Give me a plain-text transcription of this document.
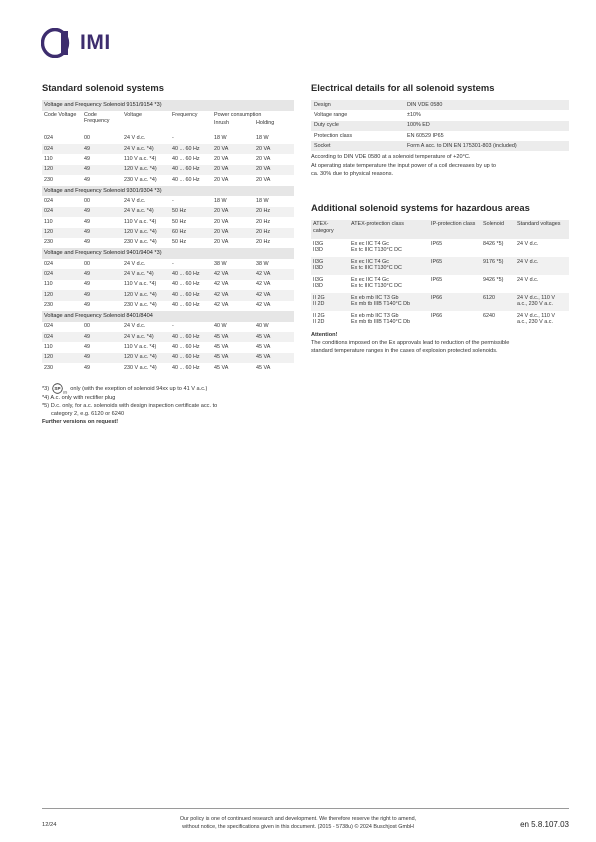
IMI
Standard solenoid systems
Voltage and Frequency Solenoid 9151/9154 *3)					
Code Voltage	Code Frequency	Voltage	Frequency	Power consumption	
				Inrush	Holding

024	00	24 V d.c.	-	18 W	18 W
024	49	24 V a.c. *4)	40 ... 60 Hz	20 VA	20 VA
110	49	110 V a.c. *4)	40 ... 60 Hz	20 VA	20 VA
120	49	120 V a.c. *4)	40 ... 60 Hz	20 VA	20 VA
230	49	230 V a.c. *4)	40 ... 60 Hz	20 VA	20 VA
Voltage and Frequency Solenoid 9301/9304 *3)					
024	00	24 V d.c.	-	18 W	18 W
024	49	24 V a.c. *4)	50 Hz	20 VA	20 Hz
110	49	110 V a.c. *4)	50 Hz	20 VA	20 Hz
120	49	120 V a.c. *4)	60 Hz	20 VA	20 Hz
230	49	230 V a.c. *4)	50 Hz	20 VA	20 Hz
Voltage and Frequency Solenoid 9401/9404 *3)					
024	00	24 V d.c.	-	38 W	38 W
024	49	24 V a.c. *4)	40 ... 60 Hz	42 VA	42 VA
110	49	110 V a.c. *4)	40 ... 60 Hz	42 VA	42 VA
120	49	120 V a.c. *4)	40 ... 60 Hz	42 VA	42 VA
230	49	230 V a.c. *4)	40 ... 60 Hz	42 VA	42 VA
Voltage and Frequency Solenoid 8401/8404					
024	00	24 V d.c.	-	40 W	40 W
024	49	24 V a.c. *4)	40 ... 60 Hz	45 VA	45 VA
110	49	110 V a.c. *4)	40 ... 60 Hz	45 VA	45 VA
120	49	120 V a.c. *4)	40 ... 60 Hz	45 VA	45 VA
230	49	230 V a.c. *4)	40 ... 60 Hz	45 VA	45 VA
*3) SP
US
only (with the exeption of solenoid 94xx up to 41 V a.c.)
*4) A.c. only with rectifier plug
*5) D.c. only, for a.c. solenoids with design inspection certificate acc. to
category 2, e.g. 6120 or 6240
Further versions on request!
Electrical details for all solenoid systems
Design	DIN VDE 0580
Voltage range	±10%
Duty cycle	100% ED
Protection class	EN 60529 IP65
Socket	Form A acc. to DIN EN 175301-803 (included)
According to DIN VDE 0580 at a solenoid temperature of +20°C.
At operating state temperature the input power of a coil decreases by up to
ca. 30% due to physical reasons.
Additional solenoid systems for hazardous areas
ATEX-category	ATEX-protection class	IP-protection class	Solenoid	Standard voltages
II3G
II3D	Ex ec IIC T4 Gc
Ex tc IIIC T130°C DC	IP65	8426 *5)	24 V d.c.
II3G
II3D	Ex ec IIC T4 Gc
Ex tc IIIC T130°C DC	IP65	9176 *5)	24 V d.c.
II3G
II3D	Ex ec IIC T4 Gc
Ex tc IIIC T130°C DC	IP65	9426 *5)	24 V d.c.
II 2G
II 2D	Ex eb mb IIC T3 Gb
Ex mb tb IIIB T140°C Db	IP66	6120	24 V d.c., 110 V
a.c., 230 V a.c.
II 2G
II 2D	Ex eb mb IIC T3 Gb
Ex mb tb IIIB T140°C Db	IP66	6240	24 V d.c., 110 V
a.c., 230 V a.c.
Attention!
The conditions imposed on the Ex approvals lead to reduction of the permissible
standard temperature ranges in the cases of explosion protected solenoids.
12/24
Our policy is one of continued research and development. We therefore reserve the right to amend,
without notice, the specifications given in this document. (2015 - 5738u) © 2024 Buschjost GmbH	en 5.8.107.03
